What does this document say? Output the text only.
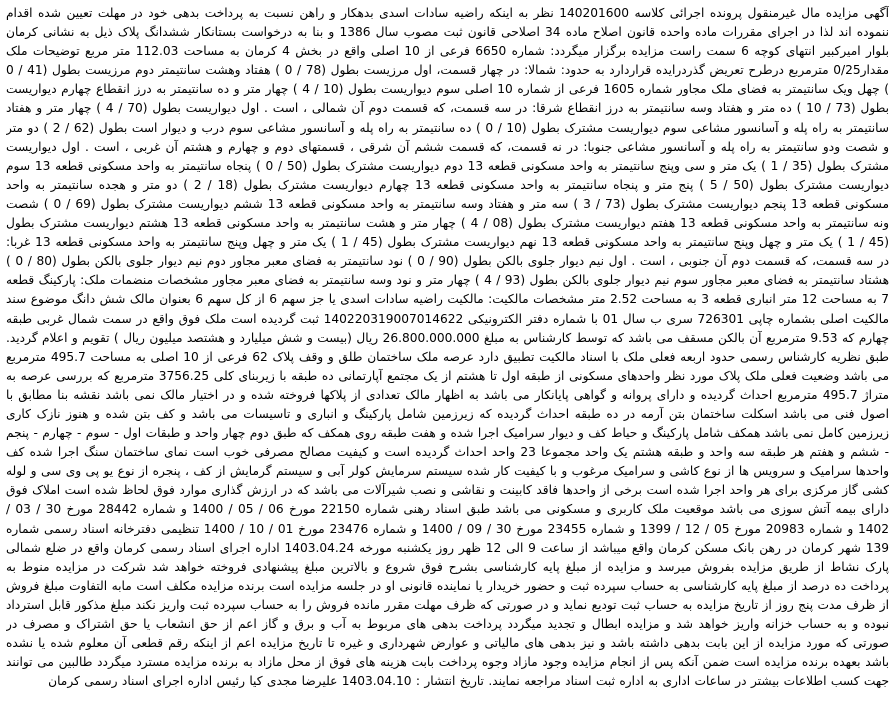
آگهی مزایده مال غیرمنقول پرونده اجرائی کلاسه 140201600 نظر به اینکه راضیه سادات اسدی بدهکار و راهن نسبت به پرداخت بدهی خود در مهلت تعیین شده اقدام ننموده اند لذا در اجرای مقررات ماده واحده قانون اصلاح ماده 34 اصلاحی قانون ثبت مصوب سال 1386 و بنا به درخواست بستانکار ششدانگ پلاک ذیل به نشانی کرمان بلوار امیرکبیر انتهای کوچه 6 سمت راست مزایده برگزار میگردد: شماره 6650 فرعی از 10 اصلی واقع در بخش 4 کرمان به مساحت 112.03 متر مربع توضیحات ملک مقدار0/25 مترمربع درطرح تعریض گذردرایده قراردارد به حدود: شمالا: در چهار قسمت، اول مرزیست بطول (78 / 0 ) هفتاد وهشت سانتیمتر دوم مرزیست بطول (41 / 0 ) چهل ویک سانتیمتر به فضای ملک مجاور شماره 1605 فرعی از شماره 10 اصلی سوم دیواریست بطول (10 / 4 ) چهار متر و ده سانتیمتر به درز انقطاع چهارم دیواریست بطول (73 / 10 ) ده متر و هفتاد وسه سانتیمتر به درز انقطاع شرقا: در سه قسمت، که قسمت دوم آن شمالی ، است . اول دیواریست بطول (70 / 4 ) چهار متر و هفتاد سانتیمتر به راه پله و آسانسور مشاعی سوم دیواریست مشترک بطول (10 / 0 ) ده سانتیمتر به راه پله و آسانسور مشاعی سوم درب و دیوار است بطول (62 / 2 ) دو متر و شصت ودو سانتیمتر به راه پله و آسانسور مشاعی جنوبا: در نه قسمت، که قسمت ششم آن شرقی ، قسمتهای دوم و چهارم و هشتم آن غربی ، است . اول دیواریست مشترک بطول (35 / 1 ) یک متر و سی وپنج سانتیمتر به واحد مسکونی قطعه 13 دوم دیواریست مشترک بطول (50 / 0 ) پنجاه سانتیمتر به واحد مسکونی قطعه 13 سوم دیواریست مشترک بطول (50 / 5 ) پنج متر و پنجاه سانتیمتر به واحد مسکونی قطعه 13 چهارم دیواریست مشترک بطول (18 / 2 ) دو متر و هجده سانتیمتر به واحد مسکونی قطعه 13 پنجم دیواریست مشترک بطول (73 / 3 ) سه متر و هفتاد وسه سانتیمتر به واحد مسکونی قطعه 13 ششم دیواریست مشترک بطول (69 / 0 ) شصت ونه سانتیمتر به واحد مسکونی قطعه 13 هفتم دیواریست مشترک بطول (08 / 4 ) چهار متر و هشت سانتیمتر به واحد مسکونی قطعه 13 هشتم دیواریست مشترک بطول (45 / 1 ) یک متر و چهل وپنج سانتیمتر به واحد مسکونی قطعه 13 نهم دیواریست مشترک بطول (45 / 1 ) یک متر و چهل وپنج سانتیمتر به واحد مسکونی قطعه 13 غربا: در سه قسمت، که قسمت دوم آن جنوبی ، است . اول نیم دیوار جلوی بالکن بطول (90 / 0 ) نود سانتیمتر به فضای معبر مجاور دوم نیم دیوار جلوی بالکن بطول (80 / 0 ) هشتاد سانتیمتر به فضای معبر مجاور سوم نیم دیوار جلوی بالکن بطول (93 / 4 ) چهار متر و نود وسه سانتیمتر به فضای معبر مجاور مشخصات منضمات ملک: پارکینگ قطعه 7 به مساحت 12 متر انباری قطعه 3 به مساحت 2.52 متر مشخصات مالکیت: مالکیت راضیه سادات اسدی یا جز سهم 6 از کل سهم 6 بعنوان مالک شش دانگ موضوع سند مالکیت اصلی بشماره چاپی 726301 سری ب سال 01 با شماره دفتر الکترونیکی 140220319007014622 ثبت گردیده است ملک فوق واقع در سمت شمال غربی طبقه چهارم که 9.53 مترمربع آن بالکن مسقف می باشد که توسط کارشناس به مبلغ 26.800.000.000 ریال (بیست و شش میلیارد و هشتصد میلیون ریال ) تقویم و اعلام گردید. طبق نظریه کارشناس رسمی حدود اربعه فعلی ملک با اسناد مالکیت تطبیق دارد عرصه ملک ساختمان طلق و وقف پلاک 62 فرعی از 10 اصلی به مساحت 495.7 مترمربع می باشد وضعیت فعلی ملک پلاک مورد نظر واحدهای مسکونی از طبقه اول تا هشتم از یک مجتمع آپارتمانی ده طبقه با زیربنای کلی 3756.25 مترمربع که بررسی عرصه به متراژ 495.7 مترمربع احداث گردیده و دارای پروانه و گواهی پایانکار می باشد به اظهار مالک تعدادی از پلاکها فروخته شده و در اختیار مالک نمی باشد نقشه بنا مطابق با اصول فنی می باشد اسکلت ساختمان بتن آرمه در ده طبقه احداث گردیده که زیرزمین شامل پارکینگ و انباری و تاسیسات می باشد و کف بتن شده و هنوز نازک کاری زیرزمین کامل نمی باشد همکف شامل پارکینگ و حیاط کف و دیوار سرامیک اجرا شده و هفت طبقه روی همکف که طبق دوم چهار واحد و طبقات اول - سوم - چهارم - پنجم - ششم و هفتم هر طبقه سه واحد و طبقه هشتم یک واحد مجموعا 23 واحد احداث گردیده است و کیفیت مصالح مصرفی خوب است نمای ساختمان سنگ اجرا شده کف واحدها سرامیک و سرویس ها از نوع کاشی و سرامیک مرغوب و با کیفیت کار شده سیستم سرمایش کولر آبی و سیستم گرمایش از کف ، پنجره از نوع یو پی وی سی و لوله کشی گاز مرکزی برای هر واحد اجرا شده است برخی از واحدها فاقد کابینت و نقاشی و نصب شیرآلات می باشد که در ارزش گذاری موارد فوق لحاظ شده است املاک فوق دارای بیمه آتش سوزی می باشد موقعیت ملک کاربری و مسکونی می باشد طبق اسناد رهنی شماره 22150 مورخ 06 / 05 / 1400 و شماره 28442 مورخ 30 / 03 / 1402 و شماره 20983 مورخ 05 / 12 / 1399 و شماره 23455 مورخ 30 / 09 / 1400 و شماره 23476 مورخ 01 / 10 / 1400 تنظیمی دفترخانه اسناد رسمی شماره 139 شهر کرمان در رهن بانک مسکن کرمان واقع میباشد از ساعت 9 الی 12 ظهر روز یکشنبه مورخه 1403.04.24 اداره اجرای اسناد رسمی کرمان واقع در ضلع شمالی پارک نشاط از طریق مزایده بفروش میرسد و مزایده از مبلغ پایه کارشناسی بشرح فوق شروع و بالاترین مبلغ پیشنهادی فروخته خواهد شد شرکت در مزایده منوط به پرداخت ده درصد از مبلغ پایه کارشناسی به حساب سپرده ثبت و حضور خریدار یا نماینده قانونی او در جلسه مزایده است برنده مزایده مکلف است مابه التفاوت مبلغ فروش از ظرف مدت پنج روز از تاریخ مزایده به حساب ثبت تودیع نماید و در صورتی که ظرف مهلت مقرر مانده فروش را به حساب سپرده ثبت واریز نکند مبلغ مذکور قابل استرداد نبوده و به حساب خزانه واریز خواهد شد و مزایده ابطال و تجدید میگردد پرداخت بدهی های مربوط به آب و برق و گاز اعم از حق انشعاب یا حق اشتراک و مصرف در صورتی که مورد مزایده از این بابت بدهی داشته باشد و نیز بدهی های مالیاتی و عوارض شهرداری و غیره تا تاریخ مزایده اعم از اینکه رقم قطعی آن معلوم شده یا نشده باشد بعهده برنده مزایده است ضمن آنکه پس از انجام مزایده وجود مازاد وجوه پرداخت بابت هزینه های فوق از محل مازاد به برنده مزایده مسترد میگردد طالبین می توانند جهت کسب اطلاعات بیشتر در ساعات اداری به اداره ثبت اسناد مراجعه نمایند. تاریخ انتشار : 1403.04.10 علیرضا مجدی کیا رئیس اداره اجرای اسناد رسمی کرمان
